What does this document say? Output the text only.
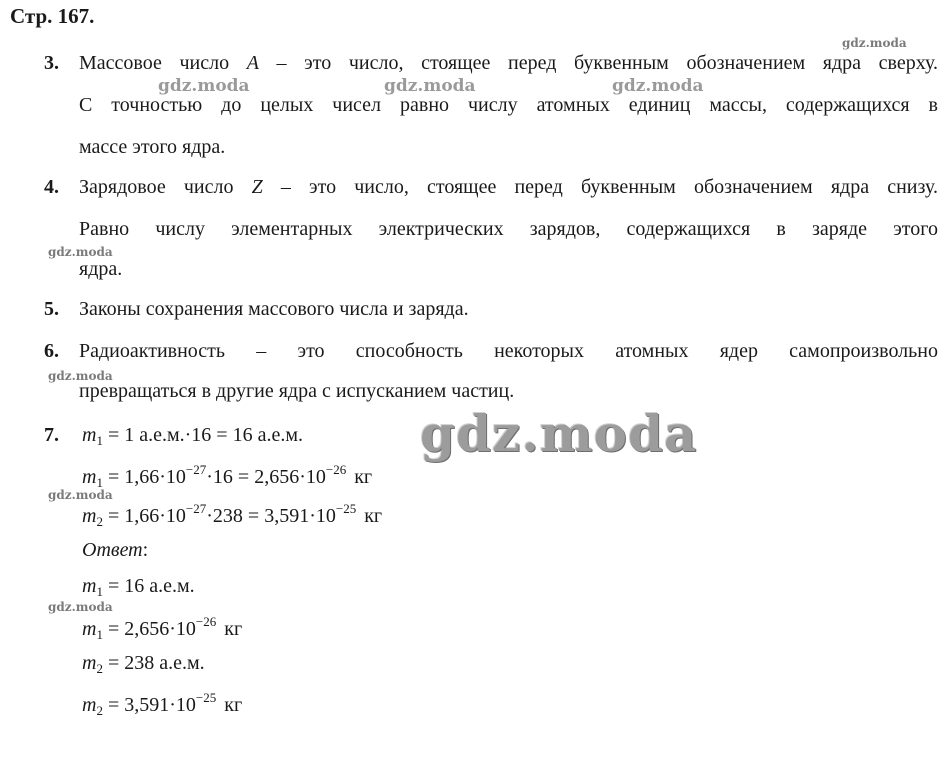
Стр. 167.
3. Массовое число A – это число, стоящее перед буквенным обозначением ядра сверху.
С точностью до целых чисел равно числу атомных единиц массы, содержащихся в
массе этого ядра.
4. Зарядовое число Z – это число, стоящее перед буквенным обозначением ядра снизу.
Равно числу элементарных электрических зарядов, содержащихся в заряде этого
ядра.
5. Законы сохранения массового числа и заряда.
6. Радиоактивность – это способность некоторых атомных ядер самопроизвольно
превращаться в другие ядра с испусканием частиц.
7. $m_1 = 1$ а.е.м.·16 = 16 а.е.м.
$m_1 = 1,66\cdot 10^{-27}\cdot 16 = 2,656\cdot 10^{-26}$ кг
$m_2 = 1,66\cdot 10^{-27}\cdot 238 = 3,591\cdot 10^{-25}$ кг
Ответ:
$m_1 = 16$ а.е.м.
$m_1 = 2,656\cdot 10^{-26}$ кг
$m_2 = 238$ а.е.м.
$m_2 = 3,591\cdot 10^{-25}$ кг
gdz.moda
gdz.moda	gdz.moda	gdz.moda
gdz.moda
gdz.moda
gdz.moda
gdz.moda
gdz.moda
